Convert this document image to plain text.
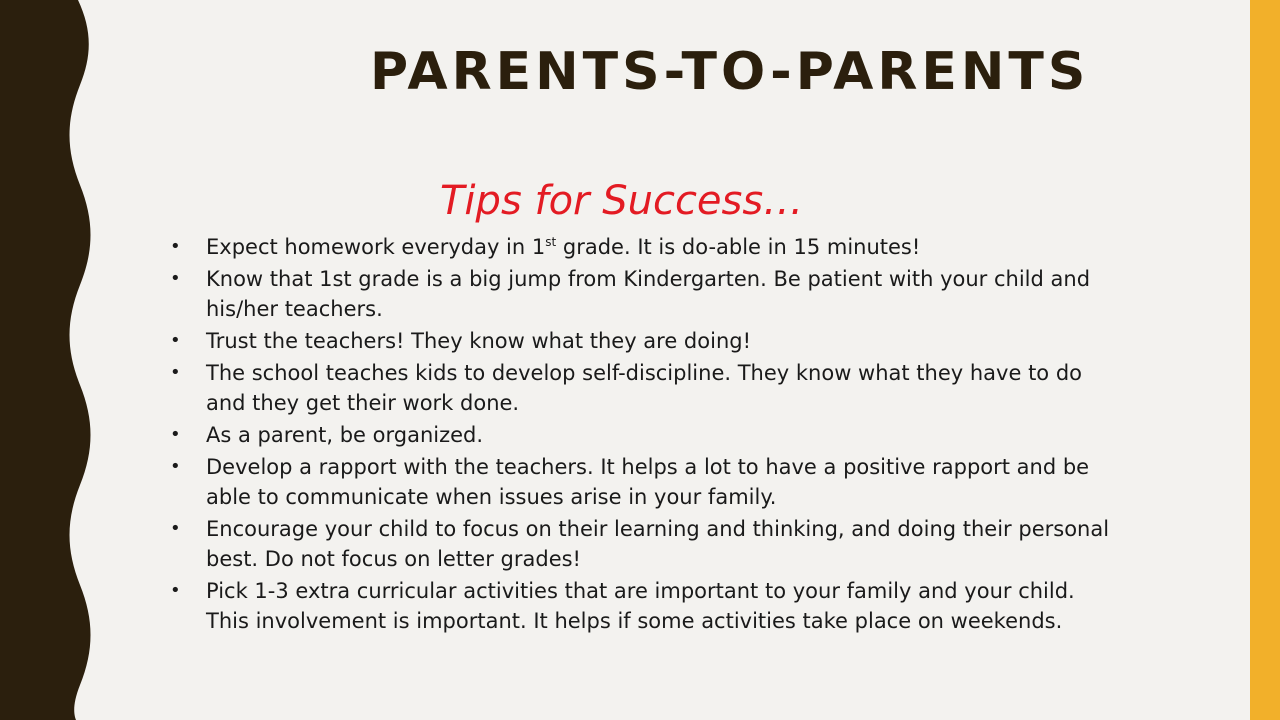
PARENTS-TO-PARENTS
Tips for Success…
• Expect homework everyday in 1st grade. It is do-able in 15 minutes!
• Know that 1st grade is a big jump from Kindergarten. Be patient with your child and his/her teachers.
• Trust the teachers! They know what they are doing!
• The school teaches kids to develop self-discipline. They know what they have to do and they get their work done.
• As a parent, be organized.
• Develop a rapport with the teachers. It helps a lot to have a positive rapport and be able to communicate when issues arise in your family.
• Encourage your child to focus on their learning and thinking, and doing their personal best. Do not focus on letter grades!
• Pick 1-3 extra curricular activities that are important to your family and your child. This involvement is important. It helps if some activities take place on weekends.
